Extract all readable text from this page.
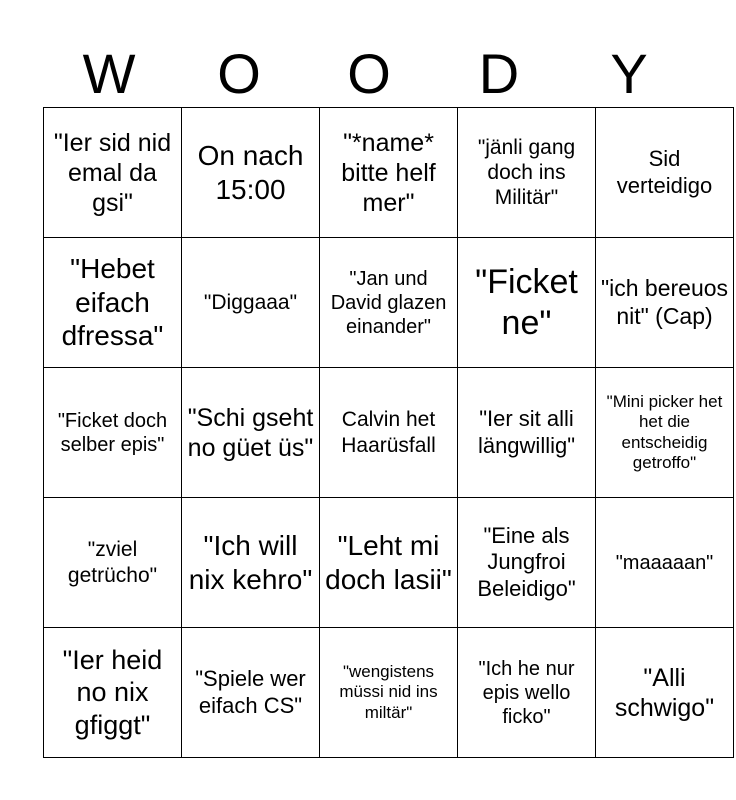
W	O	O	D	Y
"Ier sid nid emal da gsi"	On nach 15:00	"*name* bitte helf mer"	"jänli gang doch ins Militär"	Sid verteidigo
"Hebet eifach dfressa"	"Diggaaa"	"Jan und David glazen einander"	"Ficket ne"	"ich bereuos nit" (Cap)
"Ficket doch selber epis"	"Schi gseht no güet üs"	Calvin het Haarüsfall	"Ier sit alli längwillig"	"Mini picker het het die entscheidig getroffo"
"zviel getrücho"	"Ich will nix kehro"	"Leht mi doch lasii"	"Eine als Jungfroi Beleidigo"	"maaaaan"
"Ier heid no nix gfiggt"	"Spiele wer eifach CS"	"wengistens müssi nid ins miltär"	"Ich he nur epis wello ficko"	"Alli schwigo"
